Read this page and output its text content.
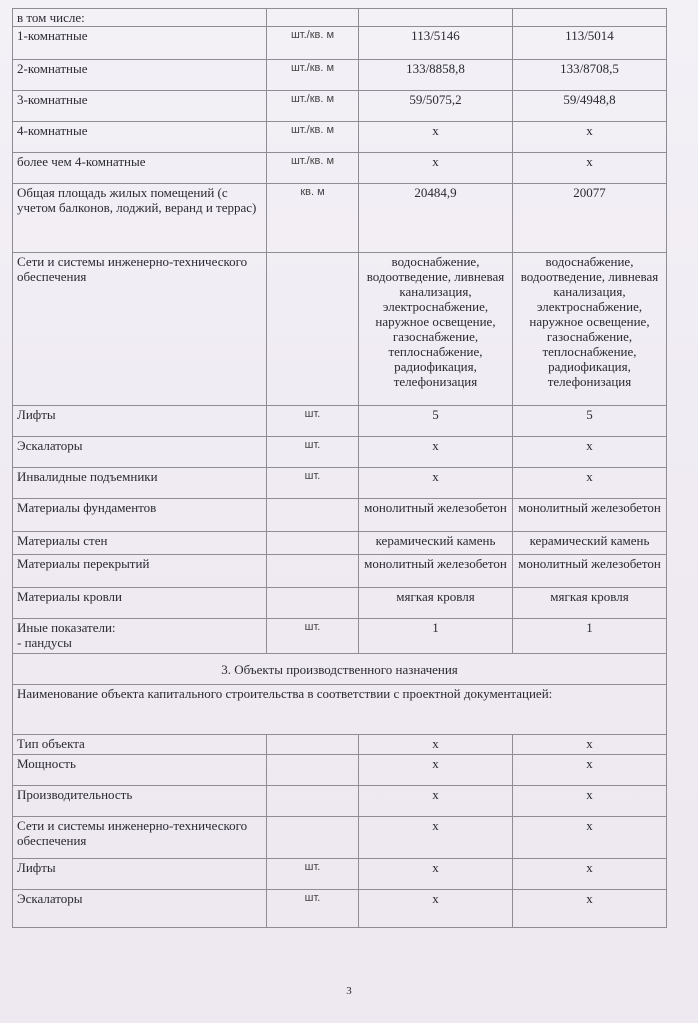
в том числе:			
1-комнатные	шт./кв. м	113/5146	113/5014
2-комнатные	шт./кв. м	133/8858,8	133/8708,5
3-комнатные	шт./кв. м	59/5075,2	59/4948,8
4-комнатные	шт./кв. м	х	х
более чем 4-комнатные	шт./кв. м	х	х
Общая площадь жилых помещений (с учетом балконов, лоджий, веранд и террас)	кв. м	20484,9	20077
Сети и системы инженерно-технического обеспечения		водоснабжение, водоотведение, ливневая канализация, электроснабжение, наружное освещение, газоснабжение, теплоснабжение, радиофикация, телефонизация	водоснабжение, водоотведение, ливневая канализация, электроснабжение, наружное освещение, газоснабжение, теплоснабжение, радиофикация, телефонизация
Лифты	шт.	5	5
Эскалаторы	шт.	х	х
Инвалидные подъемники	шт.	х	х
Материалы фундаментов		монолитный железобетон	монолитный железобетон
Материалы стен		керамический камень	керамический камень
Материалы перекрытий		монолитный железобетон	монолитный железобетон
Материалы кровли		мягкая кровля	мягкая кровля
Иные показатели:
- пандусы	шт.	1	1
3. Объекты производственного назначения			
Наименование объекта капитального строительства в соответствии с проектной документацией:			
Тип объекта		х	х
Мощность		х	х
Производительность		х	х
Сети и системы инженерно-технического обеспечения		х	х
Лифты	шт.	х	х
Эскалаторы	шт.	х	х
3
